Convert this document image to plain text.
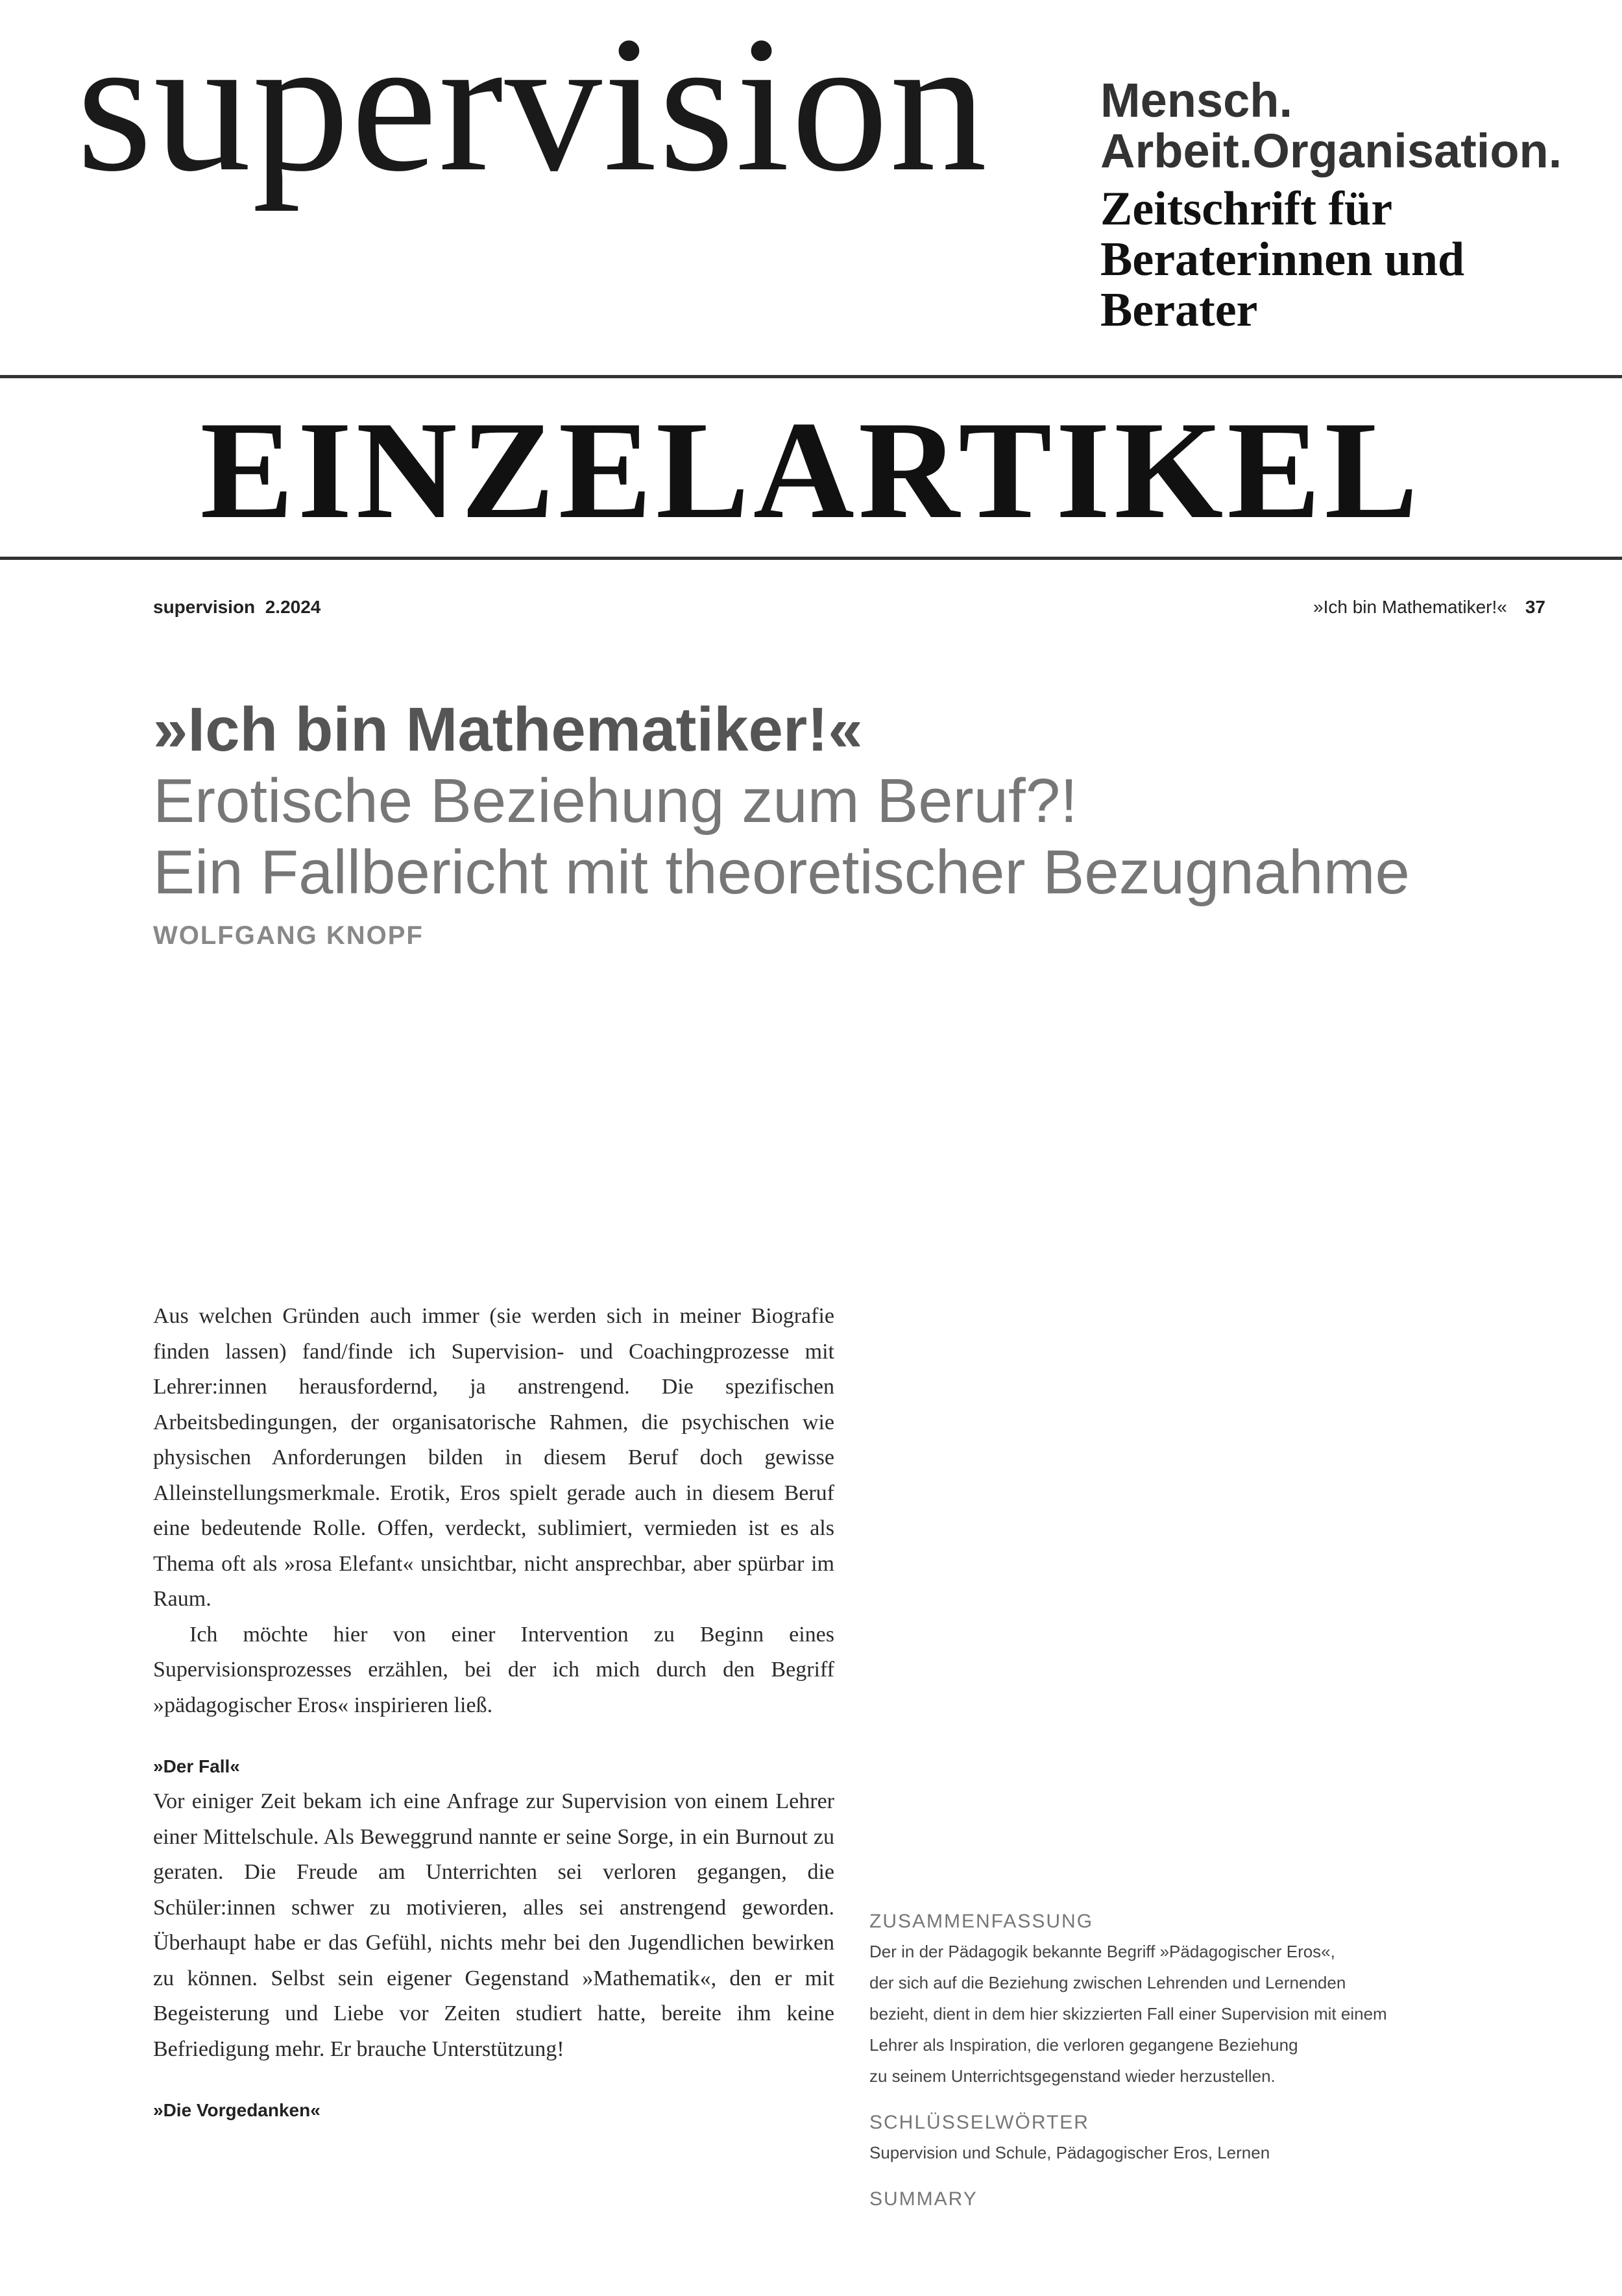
supervision Mensch.
Arbeit.Organisation.
Zeitschrift für
Beraterinnen und
Berater
EINZELARTIKEL
supervision  2.2024	»Ich bin Mathematiker!« 37
»Ich bin Mathematiker!«
Erotische Beziehung zum Beruf?!
Ein Fallbericht mit theoretischer Bezugnahme
WOLFGANG KNOPF

Aus welchen Gründen auch immer (sie werden sich in meiner Biografie finden lassen) fand/finde ich Supervision- und Coachingprozesse mit Lehrer:innen herausfordernd, ja anstrengend. Die spezifischen Arbeitsbedingungen, der organisatorische Rahmen, die psychischen wie physischen Anforderungen bilden in diesem Beruf doch gewisse Alleinstellungsmerkmale. Erotik, Eros spielt gerade auch in diesem Beruf eine bedeutende Rolle. Offen, verdeckt, sublimiert, vermieden ist es als Thema oft als »rosa Elefant« unsichtbar, nicht ansprechbar, aber spürbar im Raum.

Ich möchte hier von einer Intervention zu Beginn eines Supervisionsprozesses erzählen, bei der ich mich durch den Begriff »pädagogischer Eros« inspirieren ließ.

»Der Fall«

Vor einiger Zeit bekam ich eine Anfrage zur Supervision von einem Lehrer einer Mittelschule. Als Beweggrund nannte er seine Sorge, in ein Burnout zu geraten. Die Freude am Unterrichten sei verloren gegangen, die Schüler:innen schwer zu motivieren, alles sei anstrengend geworden. Überhaupt habe er das Gefühl, nichts mehr bei den Jugendlichen bewirken zu können. Selbst sein eigener Gegenstand »Mathematik«, den er mit Begeisterung und Liebe vor Zeiten studiert hatte, bereite ihm keine Befriedigung mehr. Er brauche Unterstützung!

»Die Vorgedanken«

ZUSAMMENFASSUNG

Der in der Pädagogik bekannte Begriff »Pädagogischer Eros«,

der sich auf die Beziehung zwischen Lehrenden und Lernenden

bezieht, dient in dem hier skizzierten Fall einer Supervision mit einem

Lehrer als Inspiration, die verloren gegangene Beziehung

zu seinem Unterrichtsgegenstand wieder herzustellen.

SCHLÜSSELWÖRTER

Supervision und Schule, Pädagogischer Eros, Lernen

SUMMARY
